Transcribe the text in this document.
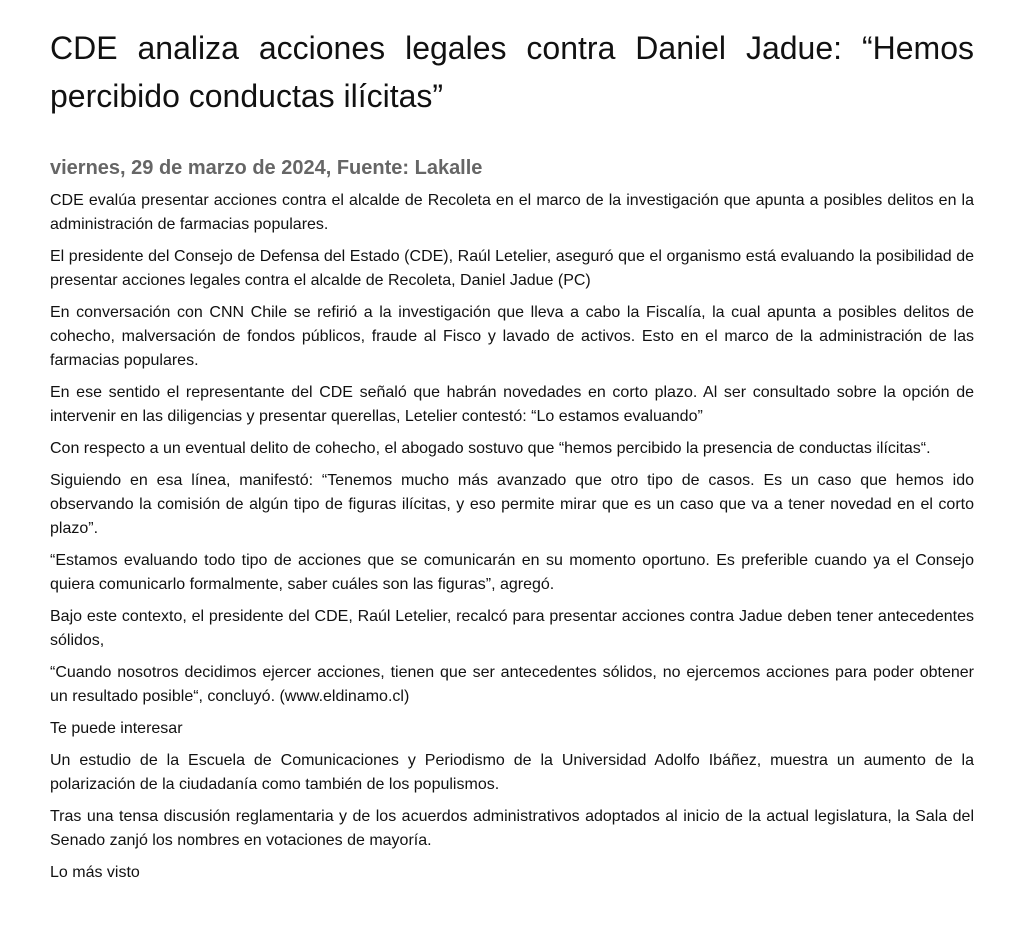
CDE analiza acciones legales contra Daniel Jadue: “Hemos percibido conductas ilícitas”
viernes, 29 de marzo de 2024, Fuente: Lakalle

CDE evalúa presentar acciones contra el alcalde de Recoleta en el marco de la investigación que apunta a posibles delitos en la administración de farmacias populares.

El presidente del Consejo de Defensa del Estado (CDE), Raúl Letelier, aseguró que el organismo está evaluando la posibilidad de presentar acciones legales contra el alcalde de Recoleta, Daniel Jadue (PC)

En conversación con CNN Chile se refirió a la investigación que lleva a cabo la Fiscalía, la cual apunta a posibles delitos de cohecho, malversación de fondos públicos, fraude al Fisco y lavado de activos. Esto en el marco de la administración de las farmacias populares.

En ese sentido el representante del CDE señaló que habrán novedades en corto plazo. Al ser consultado sobre la opción de intervenir en las diligencias y presentar querellas, Letelier contestó: “Lo estamos evaluando”

Con respecto a un eventual delito de cohecho, el abogado sostuvo que “hemos percibido la presencia de conductas ilícitas“.

Siguiendo en esa línea, manifestó: “Tenemos mucho más avanzado que otro tipo de casos. Es un caso que hemos ido observando la comisión de algún tipo de figuras ilícitas, y eso permite mirar que es un caso que va a tener novedad en el corto plazo”.

“Estamos evaluando todo tipo de acciones que se comunicarán en su momento oportuno. Es preferible cuando ya el Consejo quiera comunicarlo formalmente, saber cuáles son las figuras”, agregó.

Bajo este contexto, el presidente del CDE, Raúl Letelier, recalcó para presentar acciones contra Jadue deben tener antecedentes sólidos,

“Cuando nosotros decidimos ejercer acciones, tienen que ser antecedentes sólidos, no ejercemos acciones para poder obtener un resultado posible“, concluyó. (www.eldinamo.cl)

Te puede interesar

Un estudio de la Escuela de Comunicaciones y Periodismo de la Universidad Adolfo Ibáñez, muestra un aumento de la polarización de la ciudadanía como también de los populismos.

Tras una tensa discusión reglamentaria y de los acuerdos administrativos adoptados al inicio de la actual legislatura, la Sala del Senado zanjó los nombres en votaciones de mayoría.

Lo más visto
